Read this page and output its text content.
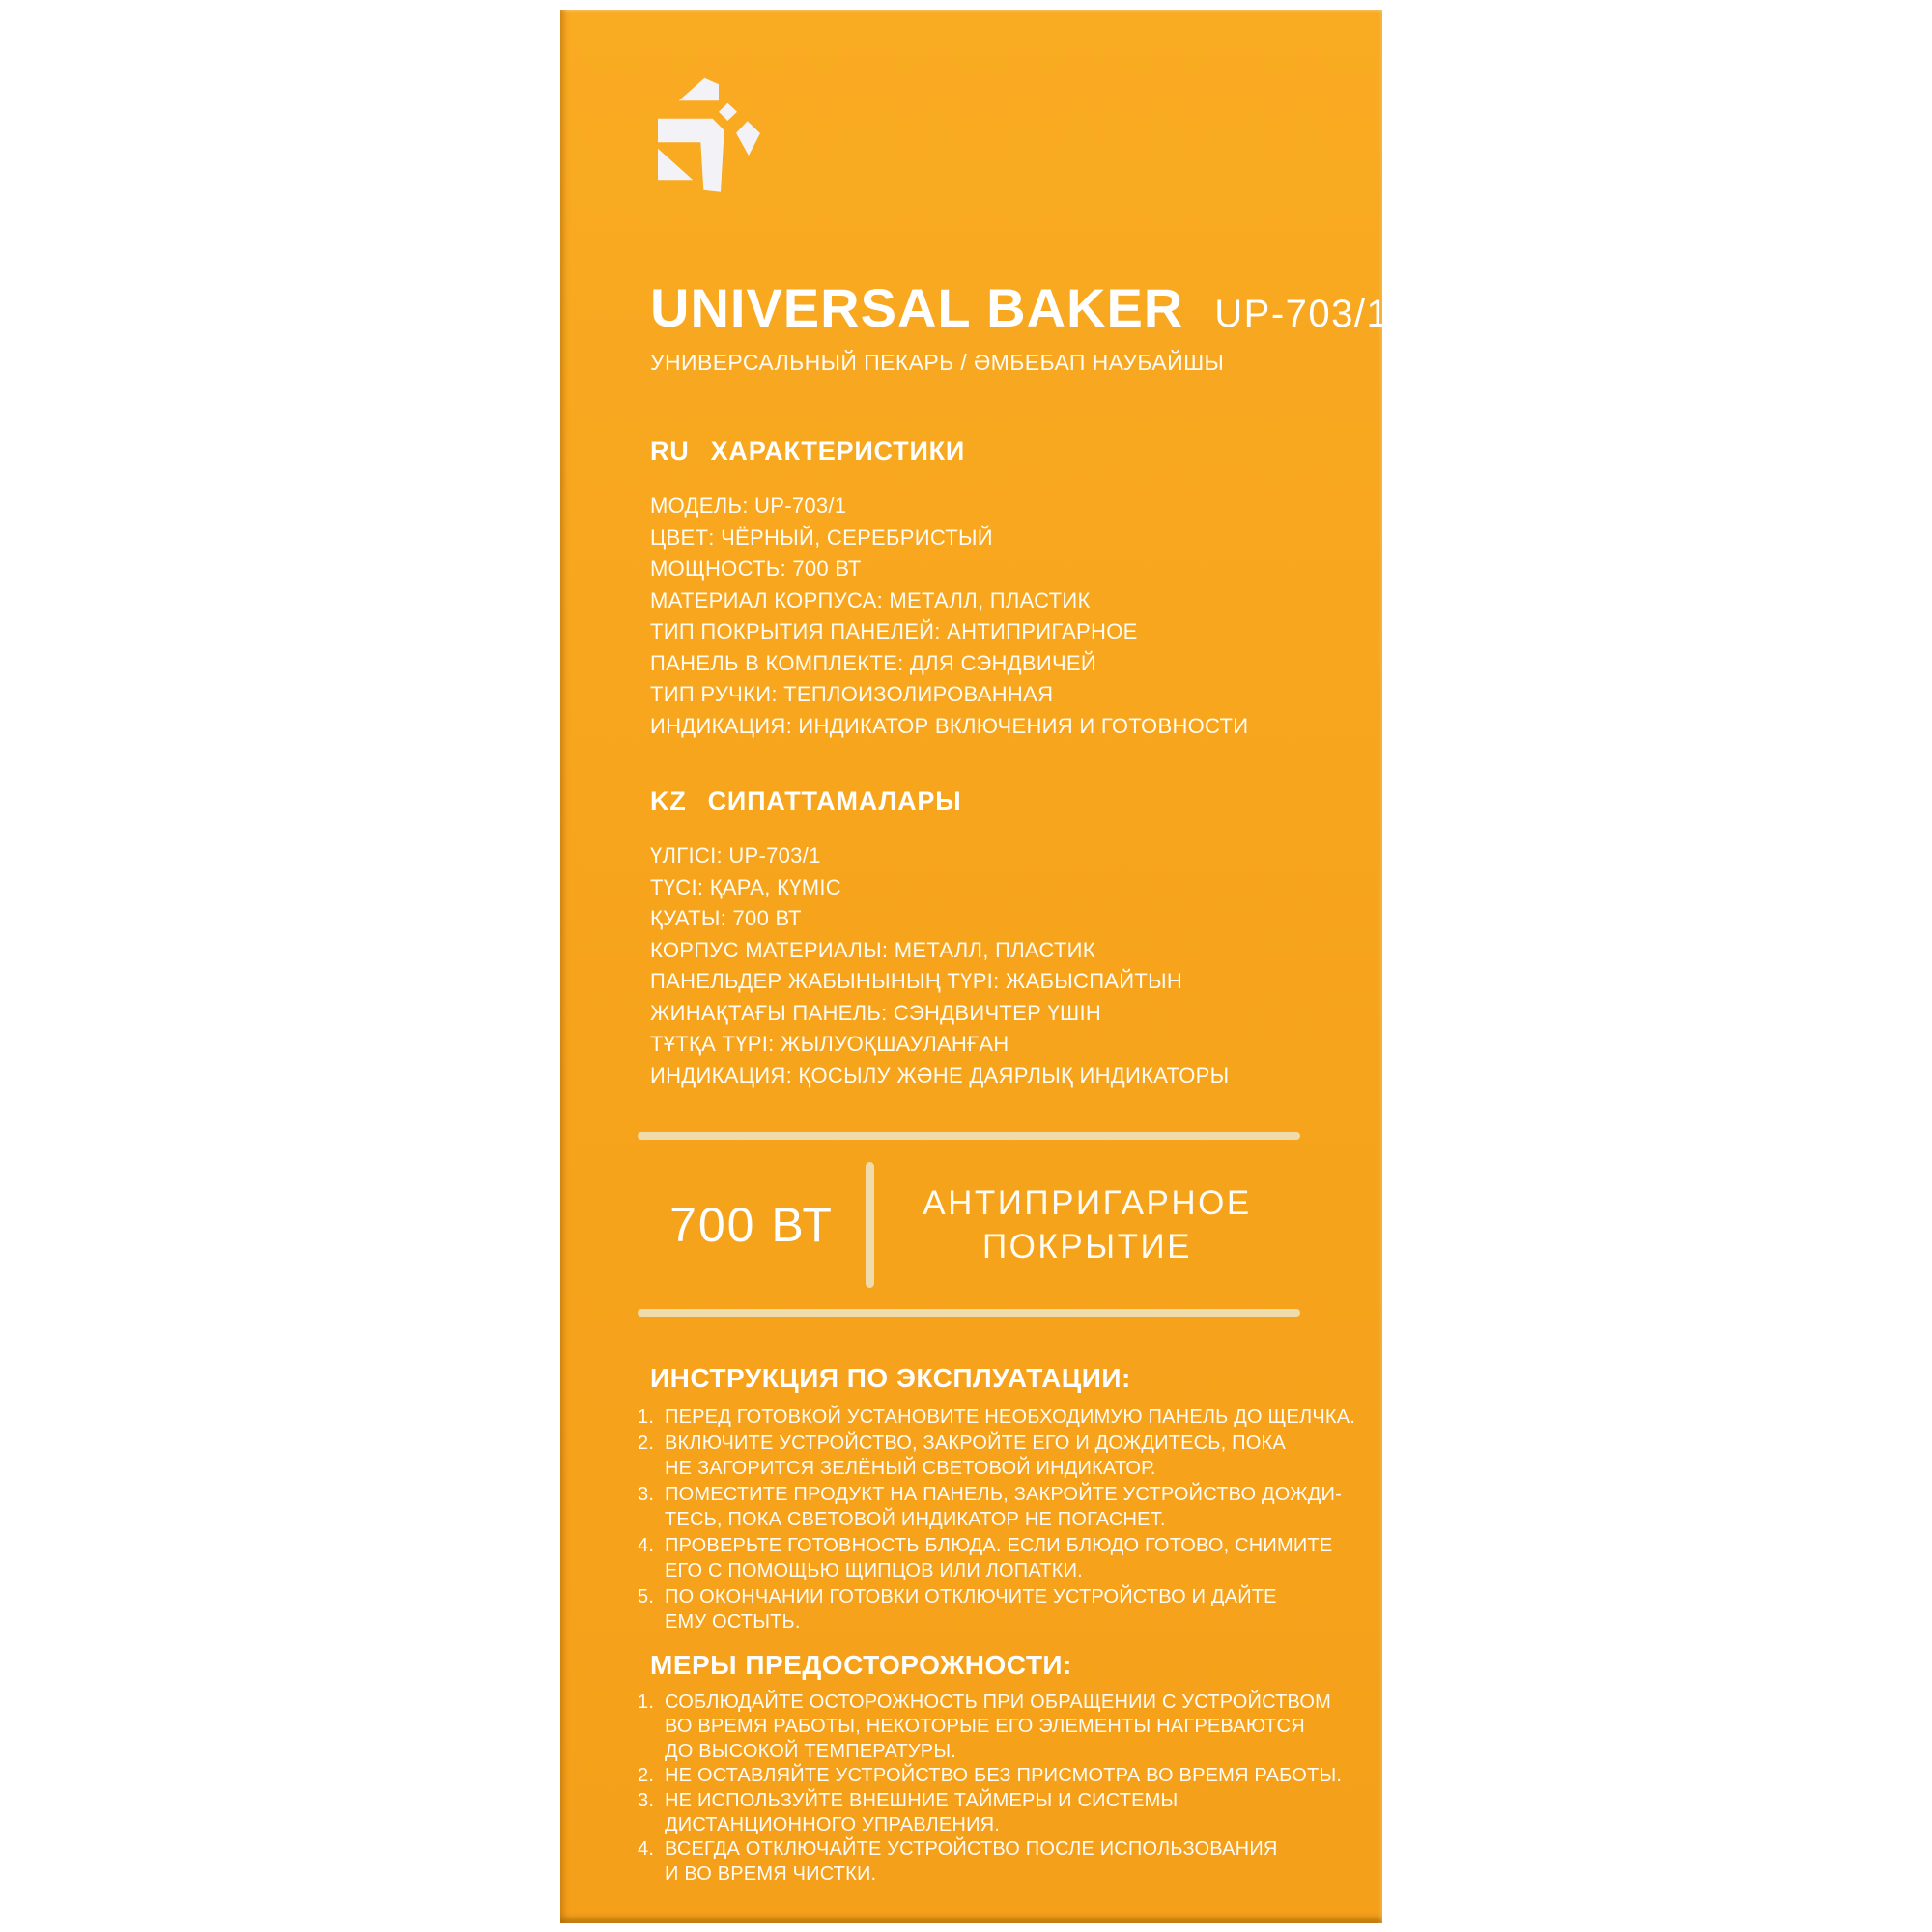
UNIVERSAL BAKER UP-703/1
УНИВЕРСАЛЬНЫЙ ПЕКАРЬ / ӘМБЕБАП НАУБАЙШЫ
RU ХАРАКТЕРИСТИКИ
МОДЕЛЬ: UP-703/1
ЦВЕТ: ЧЁРНЫЙ, СЕРЕБРИСТЫЙ
МОЩНОСТЬ: 700 ВТ
МАТЕРИАЛ КОРПУСА: МЕТАЛЛ, ПЛАСТИК
ТИП ПОКРЫТИЯ ПАНЕЛЕЙ: АНТИПРИГАРНОЕ
ПАНЕЛЬ В КОМПЛЕКТЕ: ДЛЯ СЭНДВИЧЕЙ
ТИП РУЧКИ: ТЕПЛОИЗОЛИРОВАННАЯ
ИНДИКАЦИЯ: ИНДИКАТОР ВКЛЮЧЕНИЯ И ГОТОВНОСТИ
KZ СИПАТТАМАЛАРЫ
ҮЛГІСІ: UP-703/1
ТҮСІ: ҚАРА, КҮМІС
ҚУАТЫ: 700 ВТ
КОРПУС МАТЕРИАЛЫ: МЕТАЛЛ, ПЛАСТИК
ПАНЕЛЬДЕР ЖАБЫНЫНЫҢ ТҮРІ: ЖАБЫСПАЙТЫН
ЖИНАҚТАҒЫ ПАНЕЛЬ: СЭНДВИЧТЕР ҮШІН
ТҰТҚА ТҮРІ: ЖЫЛУОҚШАУЛАНҒАН
ИНДИКАЦИЯ: ҚОСЫЛУ ЖӘНЕ ДАЯРЛЫҚ ИНДИКАТОРЫ
700 ВТ	АНТИПРИГАРНОЕ
ПОКРЫТИЕ
ИНСТРУКЦИЯ ПО ЭКСПЛУАТАЦИИ:
1. ПЕРЕД ГОТОВКОЙ УСТАНОВИТЕ НЕОБХОДИМУЮ ПАНЕЛЬ ДО ЩЕЛЧКА.
2. ВКЛЮЧИТЕ УСТРОЙСТВО, ЗАКРОЙТЕ ЕГО И ДОЖДИТЕСЬ, ПОКА
НЕ ЗАГОРИТСЯ ЗЕЛЁНЫЙ СВЕТОВОЙ ИНДИКАТОР.
3. ПОМЕСТИТЕ ПРОДУКТ НА ПАНЕЛЬ, ЗАКРОЙТЕ УСТРОЙСТВО ДОЖДИ-
ТЕСЬ, ПОКА СВЕТОВОЙ ИНДИКАТОР НЕ ПОГАСНЕТ.
4. ПРОВЕРЬТЕ ГОТОВНОСТЬ БЛЮДА. ЕСЛИ БЛЮДО ГОТОВО, СНИМИТЕ
ЕГО С ПОМОЩЬЮ ЩИПЦОВ ИЛИ ЛОПАТКИ.
5. ПО ОКОНЧАНИИ ГОТОВКИ ОТКЛЮЧИТЕ УСТРОЙСТВО И ДАЙТЕ
ЕМУ ОСТЫТЬ.
МЕРЫ ПРЕДОСТОРОЖНОСТИ:
1. СОБЛЮДАЙТЕ ОСТОРОЖНОСТЬ ПРИ ОБРАЩЕНИИ С УСТРОЙСТВОМ
ВО ВРЕМЯ РАБОТЫ, НЕКОТОРЫЕ ЕГО ЭЛЕМЕНТЫ НАГРЕВАЮТСЯ
ДО ВЫСОКОЙ ТЕМПЕРАТУРЫ.
2. НЕ ОСТАВЛЯЙТЕ УСТРОЙСТВО БЕЗ ПРИСМОТРА ВО ВРЕМЯ РАБОТЫ.
3. НЕ ИСПОЛЬЗУЙТЕ ВНЕШНИЕ ТАЙМЕРЫ И СИСТЕМЫ
ДИСТАНЦИОННОГО УПРАВЛЕНИЯ.
4. ВСЕГДА ОТКЛЮЧАЙТЕ УСТРОЙСТВО ПОСЛЕ ИСПОЛЬЗОВАНИЯ
И ВО ВРЕМЯ ЧИСТКИ.
